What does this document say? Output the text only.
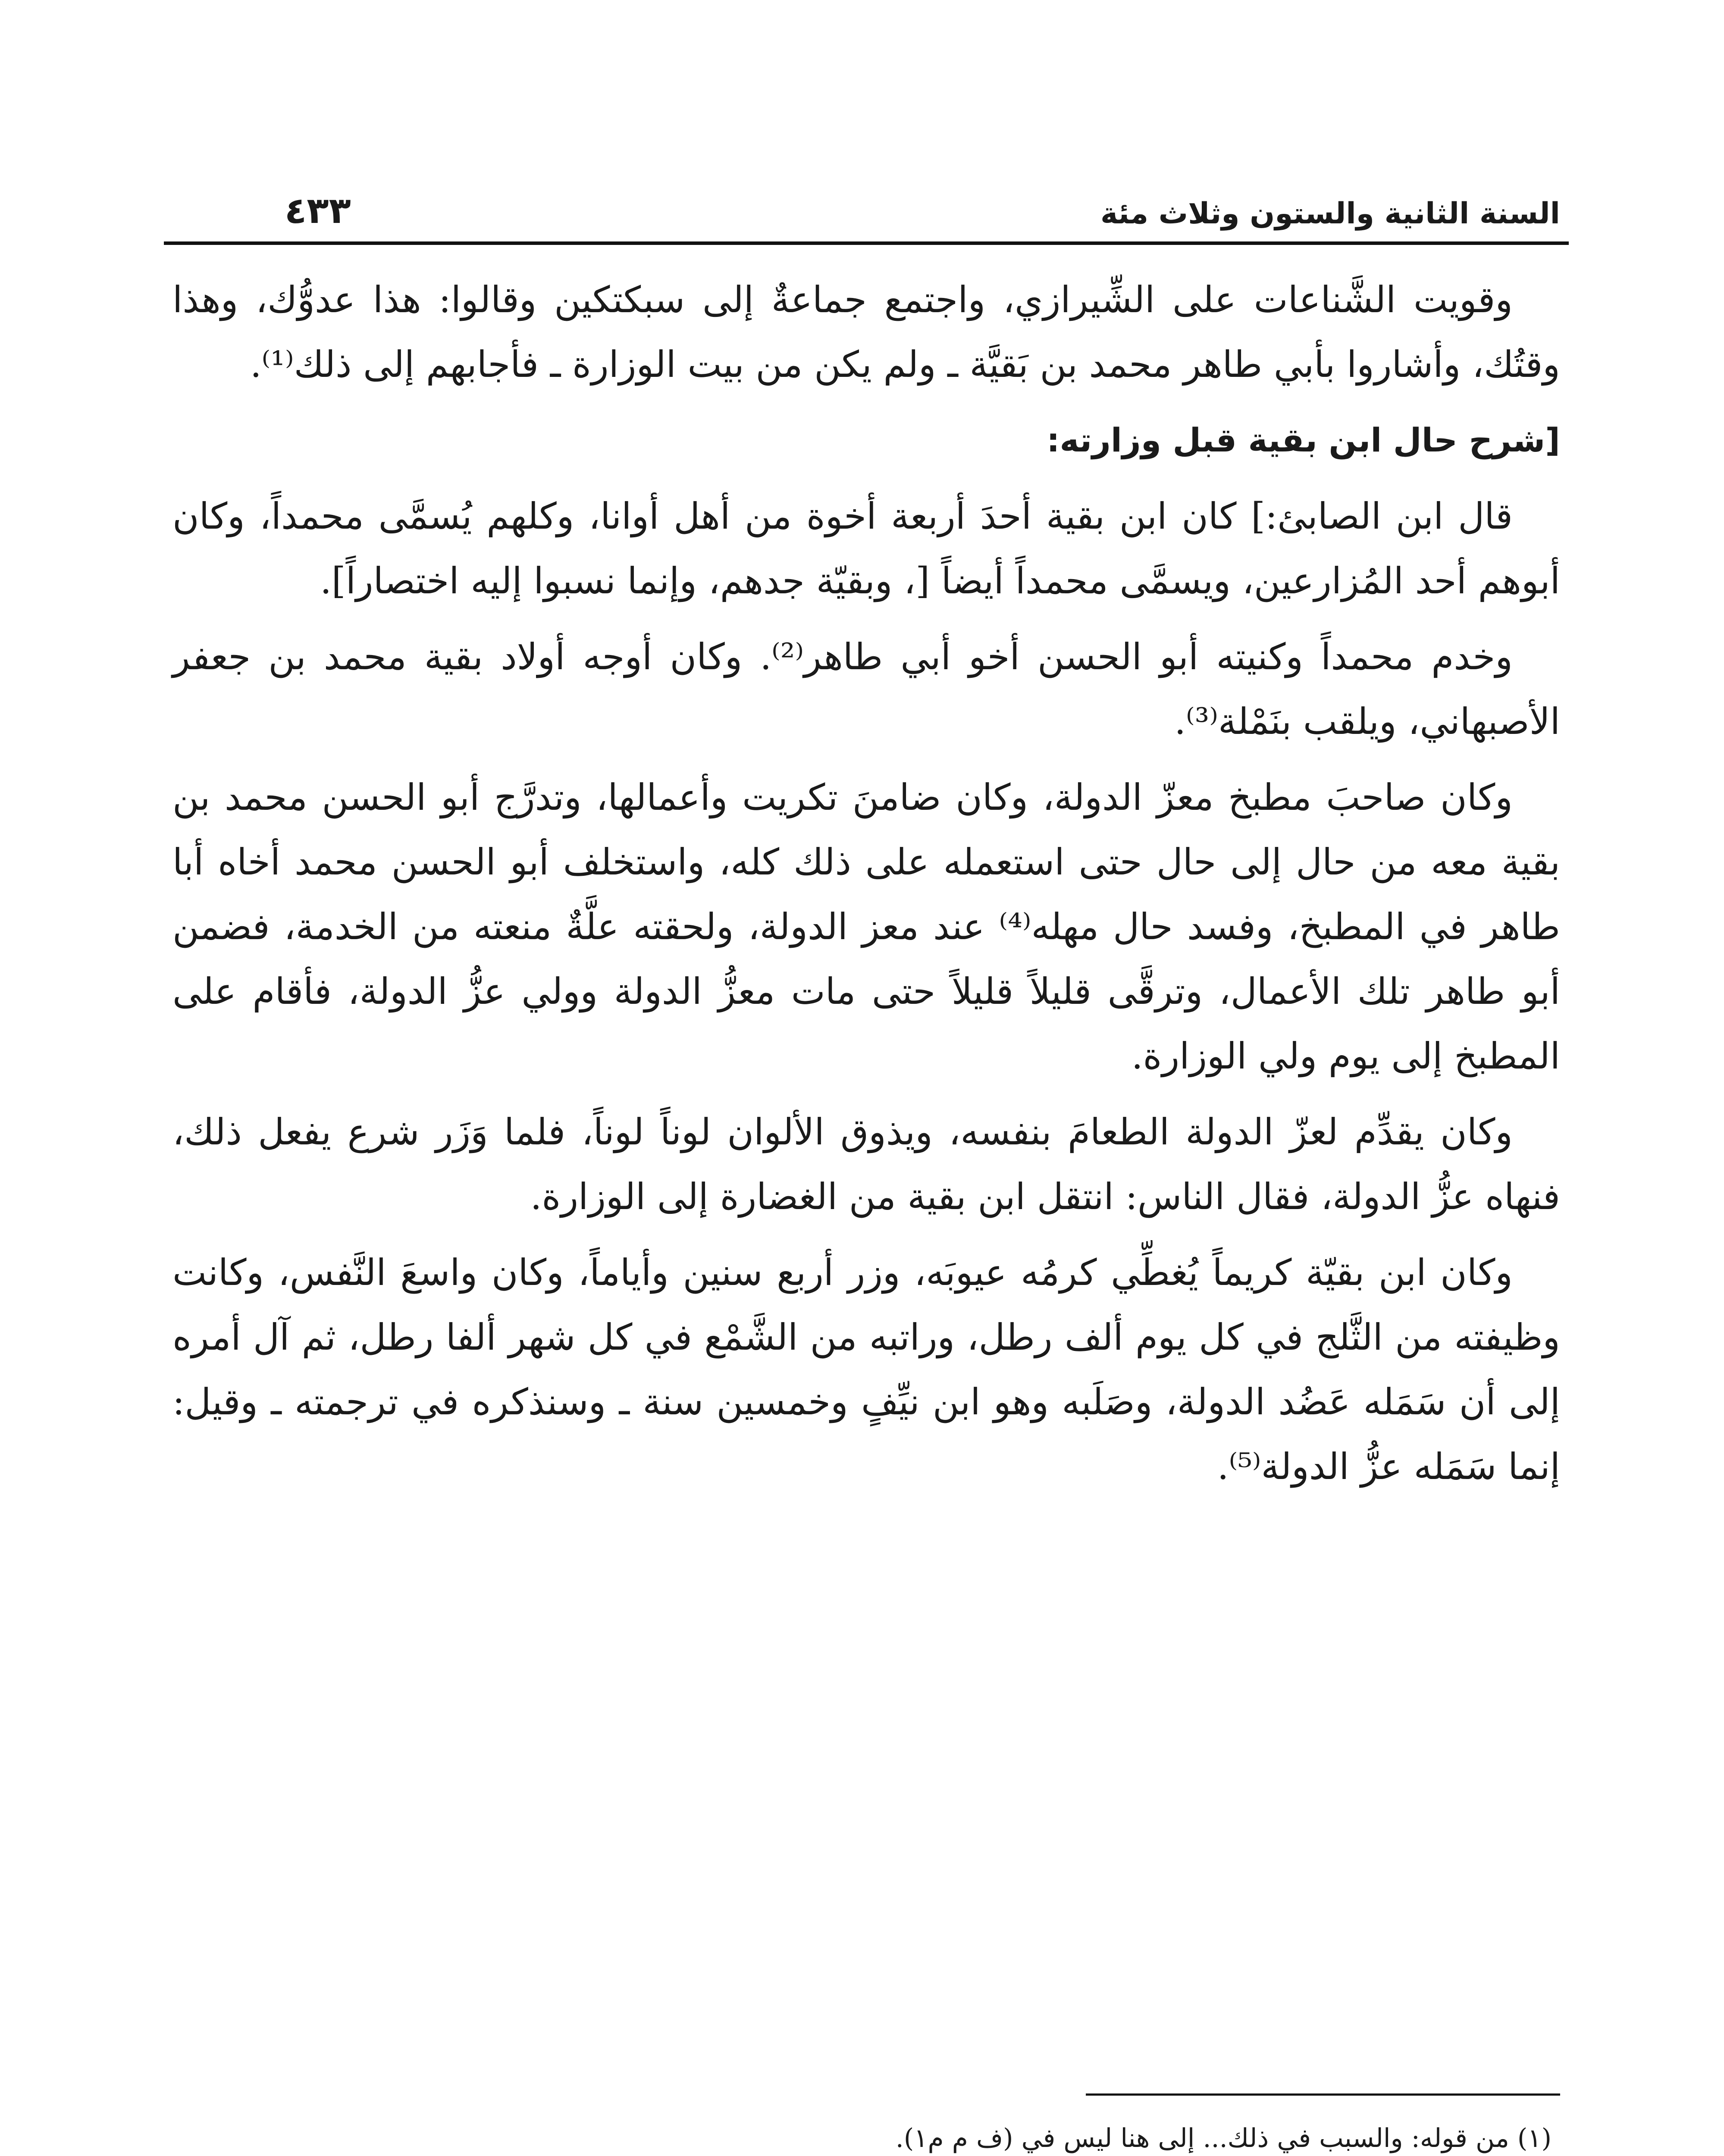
السنة الثانية والستون وثلاث مئة
٤٣٣

وقويت الشَّناعات على الشِّيرازي، واجتمع جماعةٌ إلى سبكتكين وقالوا: هذا عدوُّك، وهذا وقتُك، وأشاروا بأبي طاهر محمد بن بَقيَّة ـ ولم يكن من بيت الوزارة ـ فأجابهم إلى ذلك⁽¹⁾.

[شرح حال ابن بقية قبل وزارته:

قال ابن الصابئ:] كان ابن بقية أحدَ أربعة أخوة من أهل أوانا، وكلهم يُسمَّى محمداً، وكان أبوهم أحد المُزارعين، ويسمَّى محمداً أيضاً [، وبقيّة جدهم، وإنما نسبوا إليه اختصاراً].

وخدم محمداً وكنيته أبو الحسن أخو أبي طاهر⁽²⁾. وكان أوجه أولاد بقية محمد بن جعفر الأصبهاني، ويلقب بنَمْلة⁽³⁾.

وكان صاحبَ مطبخ معزّ الدولة، وكان ضامنَ تكريت وأعمالها، وتدرَّج أبو الحسن محمد بن بقية معه من حال إلى حال حتى استعمله على ذلك كله، واستخلف أبو الحسن محمد أخاه أبا طاهر في المطبخ، وفسد حال مهله⁽⁴⁾ عند معز الدولة، ولحقته علَّةٌ منعته من الخدمة، فضمن أبو طاهر تلك الأعمال، وترقَّى قليلاً قليلاً حتى مات معزُّ الدولة وولي عزُّ الدولة، فأقام على المطبخ إلى يوم ولي الوزارة.

وكان يقدِّم لعزّ الدولة الطعامَ بنفسه، ويذوق الألوان لوناً لوناً، فلما وَزَر شرع يفعل ذلك، فنهاه عزُّ الدولة، فقال الناس: انتقل ابن بقية من الغضارة إلى الوزارة.

وكان ابن بقيّة كريماً يُغطِّي كرمُه عيوبَه، وزر أربع سنين وأياماً، وكان واسعَ النَّفس، وكانت وظيفته من الثَّلج في كل يوم ألف رطل، وراتبه من الشَّمْع في كل شهر ألفا رطل، ثم آل أمره إلى أن سَمَله عَضُد الدولة، وصَلَبه وهو ابن نيِّفٍ وخمسين سنة ـ وسنذكره في ترجمته ـ وقيل: إنما سَمَله عزُّ الدولة⁽⁵⁾.

(١) من قوله: والسبب في ذلك... إلى هنا ليس في (ف م م١).
